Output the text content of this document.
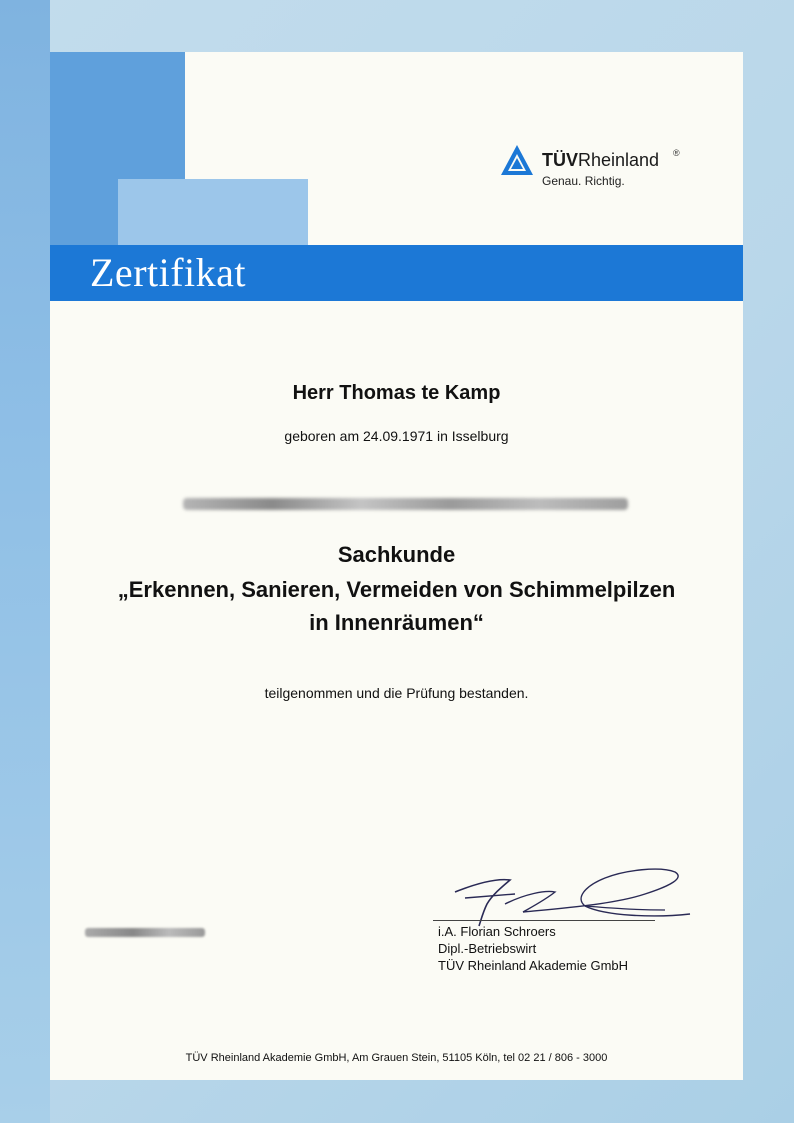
TÜVRheinland ®
Genau. Richtig.
Zertifikat
Herr Thomas te Kamp
geboren am 24.09.1971 in Isselburg
Sachkunde
„Erkennen, Sanieren, Vermeiden von Schimmelpilzen
in Innenräumen“
teilgenommen und die Prüfung bestanden.
i.A. Florian Schroers
Dipl.-Betriebswirt
TÜV Rheinland Akademie GmbH
TÜV Rheinland Akademie GmbH, Am Grauen Stein, 51105 Köln, tel 02 21 / 806 - 3000
